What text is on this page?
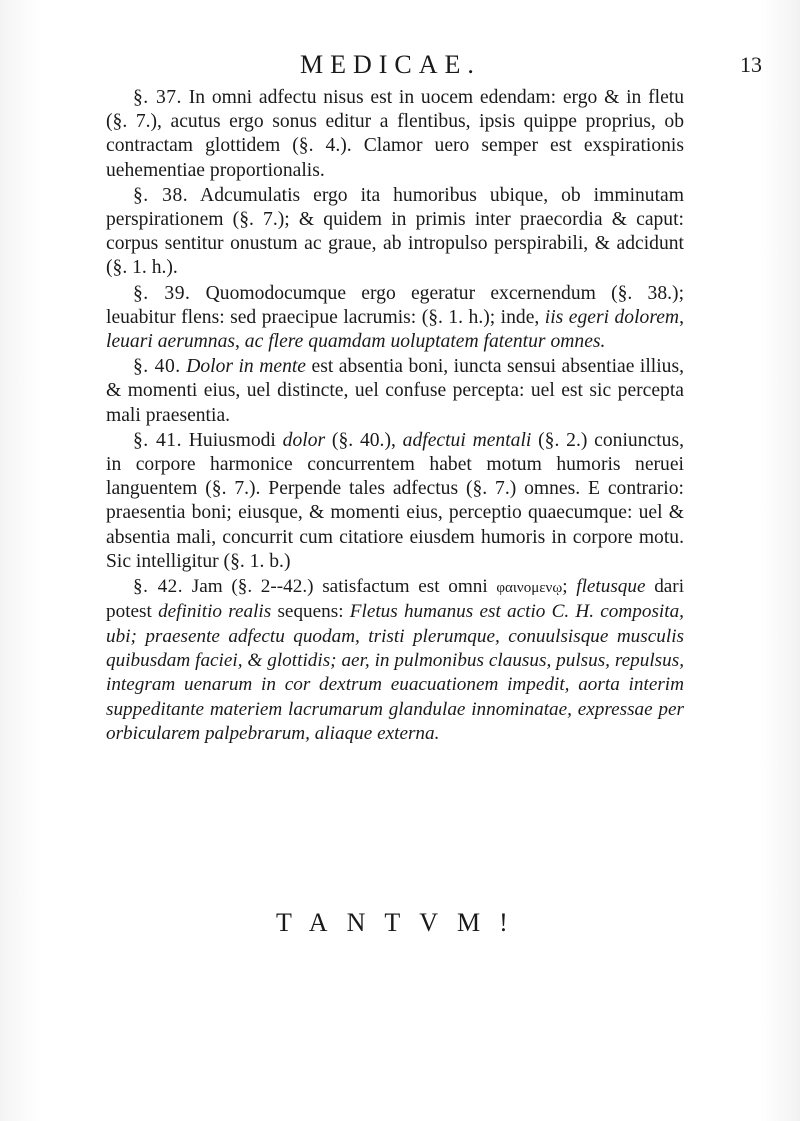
MEDICAE.	13

§. 37. In omni adfectu nisus est in uocem edendam: ergo & in fletu (§. 7.), acutus ergo sonus editur a flentibus, ipsis quippe proprius, ob contractam glottidem (§. 4.). Clamor uero semper est exspirationis uehementiae proportionalis.

§. 38. Adcumulatis ergo ita humoribus ubique, ob imminutam perspirationem (§. 7.); & quidem in primis inter praecordia & caput: corpus sentitur onustum ac graue, ab intropulso perspirabili, & adcidunt (§. 1. h.).

§. 39. Quomodocumque ergo egeratur excernendum (§. 38.); leuabitur flens: sed praecipue lacrumis: (§. 1. h.); inde, iis egeri dolorem, leuari aerumnas, ac flere quamdam uoluptatem fatentur omnes.

§. 40. Dolor in mente est absentia boni, iuncta sensui absentiae illius, & momenti eius, uel distincte, uel confuse percepta: uel est sic percepta mali praesentia.

§. 41. Huiusmodi dolor (§. 40.), adfectui mentali (§. 2.) coniunctus, in corpore harmonice concurrentem habet motum humoris neruei languentem (§. 7.). Perpende tales adfectus (§. 7.) omnes. E contrario: praesentia boni; eiusque, & momenti eius, perceptio quaecumque: uel & absentia mali, concurrit cum citatiore eiusdem humoris in corpore motu. Sic intelligitur (§. 1. b.)

§. 42. Jam (§. 2--42.) satisfactum est omni φαινομενῳ; fletusque dari potest definitio realis sequens: Fletus humanus est actio C. H. composita, ubi; praesente adfectu quodam, tristi plerumque, conuulsisque musculis quibusdam faciei, & glottidis; aer, in pulmonibus clausus, pulsus, repulsus, integram uenarum in cor dextrum euacuationem impedit, aorta interim suppeditante materiem lacrumarum glandulae innominatae, expressae per orbicularem palpebrarum, aliaque externa.

TANTVM!
